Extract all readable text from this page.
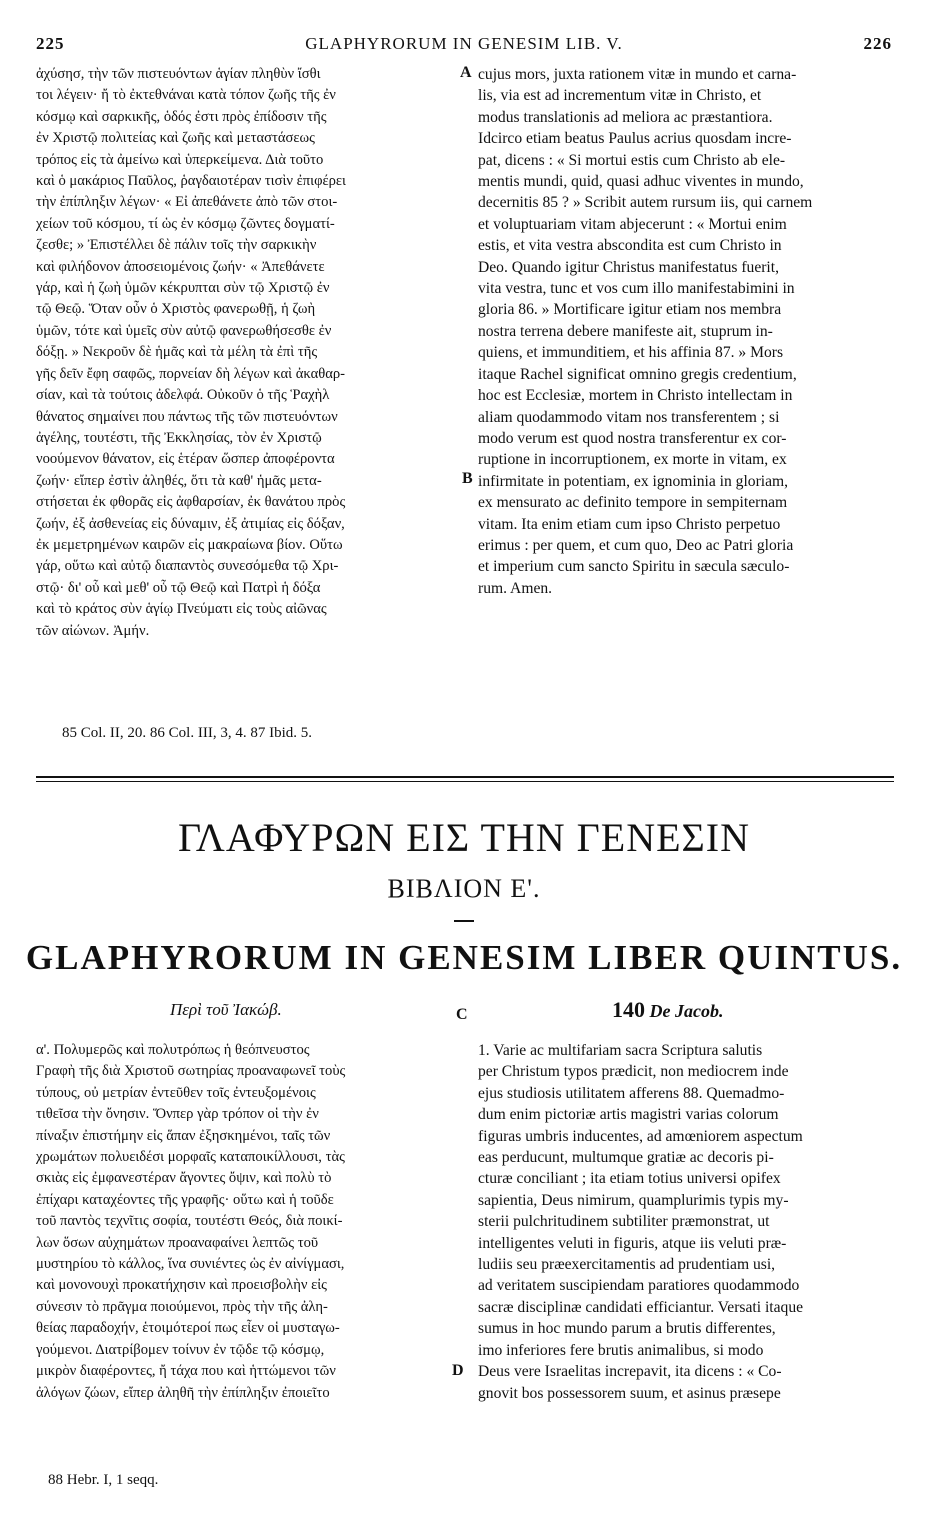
225	GLAPHYRORUM IN GENESIM LIB. V.	226
ἀχύσησ, τὴν τῶν πιστευόντων ἁγίαν πληθὺν ἴσθι
τοι λέγειν· ἤ τὸ ἐκτεθνάναι κατὰ τόπον ζωῆς τῆς ἐν
κόσμῳ καὶ σαρκικῆς, ὁδός ἐστι πρὸς ἐπίδοσιν τῆς
ἐν Χριστῷ πολιτείας καὶ ζωῆς καὶ μεταστάσεως
τρόπος εἰς τὰ ἀμείνω καὶ ὑπερκείμενα. Διὰ τοῦτο
καὶ ὁ μακάριος Παῦλος, ῥαγδαιοτέραν τισὶν ἐπιφέρει
τὴν ἐπίπληξιν λέγων· « Εἰ ἀπεθάνετε ἀπὸ τῶν στοι-
χείων τοῦ κόσμου, τί ὡς ἐν κόσμῳ ζῶντες δογματί-
ζεσθε; » Ἐπιστέλλει δὲ πάλιν τοῖς τὴν σαρκικὴν
καὶ φιλήδονον ἀποσειομένοις ζωήν· « Ἀπεθάνετε
γάρ, καὶ ἡ ζωὴ ὑμῶν κέκρυπται σὺν τῷ Χριστῷ ἐν
τῷ Θεῷ. Ὅταν οὖν ὁ Χριστὸς φανερωθῇ, ἡ ζωὴ
ὑμῶν, τότε καὶ ὑμεῖς σὺν αὐτῷ φανερωθήσεσθε ἐν
δόξῃ. » Νεκροῦν δὲ ἡμᾶς καὶ τὰ μέλη τὰ ἐπὶ τῆς
γῆς δεῖν ἔφη σαφῶς, πορνείαν δὴ λέγων καὶ ἀκαθαρ-
σίαν, καὶ τὰ τούτοις ἀδελφά. Οὐκοῦν ὁ τῆς Ῥαχὴλ
θάνατος σημαίνει που πάντως τῆς τῶν πιστευόντων
ἀγέλης, τουτέστι, τῆς Ἐκκλησίας, τὸν ἐν Χριστῷ
νοούμενον θάνατον, εἰς ἑτέραν ὥσπερ ἀποφέροντα
ζωήν· εἴπερ ἐστὶν ἀληθές, ὅτι τὰ καθ' ἡμᾶς μετα-
στήσεται ἐκ φθορᾶς εἰς ἀφθαρσίαν, ἐκ θανάτου πρὸς
ζωήν, ἐξ ἀσθενείας εἰς δύναμιν, ἐξ ἀτιμίας εἰς δόξαν,
ἐκ μεμετρημένων καιρῶν εἰς μακραίωνα βίον. Οὕτω
γάρ, οὕτω καὶ αὐτῷ διαπαντὸς συνεσόμεθα τῷ Χρι-
στῷ· δι' οὗ καὶ μεθ' οὗ τῷ Θεῷ καὶ Πατρὶ ἡ δόξα
καὶ τὸ κράτος σὺν ἁγίῳ Πνεύματι εἰς τοὺς αἰῶνας
τῶν αἰώνων. Ἀμήν.
A
B
cujus mors, juxta rationem vitæ in mundo et carna-
lis, via est ad incrementum vitæ in Christo, et
modus translationis ad meliora ac præstantiora.
Idcirco etiam beatus Paulus acrius quosdam incre-
pat, dicens : « Si mortui estis cum Christo ab ele-
mentis mundi, quid, quasi adhuc viventes in mundo,
decernitis 85 ? » Scribit autem rursum iis, qui carnem
et voluptuariam vitam abjecerunt : « Mortui enim
estis, et vita vestra abscondita est cum Christo in
Deo. Quando igitur Christus manifestatus fuerit,
vita vestra, tunc et vos cum illo manifestabimini in
gloria 86. » Mortificare igitur etiam nos membra
nostra terrena debere manifeste ait, stuprum in-
quiens, et immunditiem, et his affinia 87. » Mors
itaque Rachel significat omnino gregis credentium,
hoc est Ecclesiæ, mortem in Christo intellectam in
aliam quodammodo vitam nos transferentem ; si
modo verum est quod nostra transferentur ex cor-
ruptione in incorruptionem, ex morte in vitam, ex
infirmitate in potentiam, ex ignominia in gloriam,
ex mensurato ac definito tempore in sempiternam
vitam. Ita enim etiam cum ipso Christo perpetuo
erimus : per quem, et cum quo, Deo ac Patri gloria
et imperium cum sancto Spiritu in sæcula sæculo-
rum. Amen.
85 Col. II, 20. 86 Col. III, 3, 4. 87 Ibid. 5.
ΓΛΑΦΥΡΩΝ ΕΙΣ ΤΗΝ ΓΕΝΕΣΙΝ
ΒΙΒΛΙΟΝ Ε'.
GLAPHYRORUM IN GENESIM LIBER QUINTUS.
Περὶ τοῦ Ἰακώβ.	C	140 De Jacob.
α'. Πολυμερῶς καὶ πολυτρόπως ἡ θεόπνευστος
Γραφὴ τῆς διὰ Χριστοῦ σωτηρίας προαναφωνεῖ τοὺς
τύπους, οὐ μετρίαν ἐντεῦθεν τοῖς ἐντευξομένοις
τιθεῖσα τὴν ὄνησιν. Ὅνπερ γὰρ τρόπον οἱ τὴν ἐν
πίναξιν ἐπιστήμην εἰς ἅπαν ἐξησκημένοι, ταῖς τῶν
χρωμάτων πολυειδέσι μορφαῖς καταποικίλλουσι, τὰς
σκιὰς εἰς ἐμφανεστέραν ἄγοντες ὄψιν, καὶ πολὺ τὸ
ἐπίχαρι καταχέοντες τῆς γραφῆς· οὕτω καὶ ἡ τοῦδε
τοῦ παντὸς τεχνῖτις σοφία, τουτέστι Θεός, διὰ ποικί-
λων ὅσων αὐχημάτων προαναφαίνει λεπτῶς τοῦ
μυστηρίου τὸ κάλλος, ἵνα συνιέντες ὡς ἐν αἰνίγμασι,
καὶ μονονουχὶ προκατήχησιν καὶ προεισβολὴν εἰς
σύνεσιν τὸ πρᾶγμα ποιούμενοι, πρὸς τὴν τῆς ἀλη-
θείας παραδοχήν, ἑτοιμότεροί πως εἶεν οἱ μυσταγω-
γούμενοι. Διατρίβομεν τοίνυν ἐν τῷδε τῷ κόσμῳ,
μικρὸν διαφέροντες, ἤ τάχα που καὶ ἡττώμενοι τῶν
ἀλόγων ζώων, εἴπερ ἀληθῆ τὴν ἐπίπληξιν ἐποιεῖτο
D
1. Varie ac multifariam sacra Scriptura salutis
per Christum typos prædicit, non mediocrem inde
ejus studiosis utilitatem afferens 88. Quemadmo-
dum enim pictoriæ artis magistri varias colorum
figuras umbris inducentes, ad amœniorem aspectum
eas perducunt, multumque gratiæ ac decoris pi-
cturæ conciliant ; ita etiam totius universi opifex
sapientia, Deus nimirum, quamplurimis typis my-
sterii pulchritudinem subtiliter præmonstrat, ut
intelligentes veluti in figuris, atque iis veluti præ-
ludiis seu præexercitamentis ad prudentiam usi,
ad veritatem suscipiendam paratiores quodammodo
sacræ disciplinæ candidati efficiantur. Versati itaque
sumus in hoc mundo parum a brutis differentes,
imo inferiores fere brutis animalibus, si modo
Deus vere Israelitas increpavit, ita dicens : « Co-
gnovit bos possessorem suum, et asinus præsepe
88 Hebr. I, 1 seqq.
